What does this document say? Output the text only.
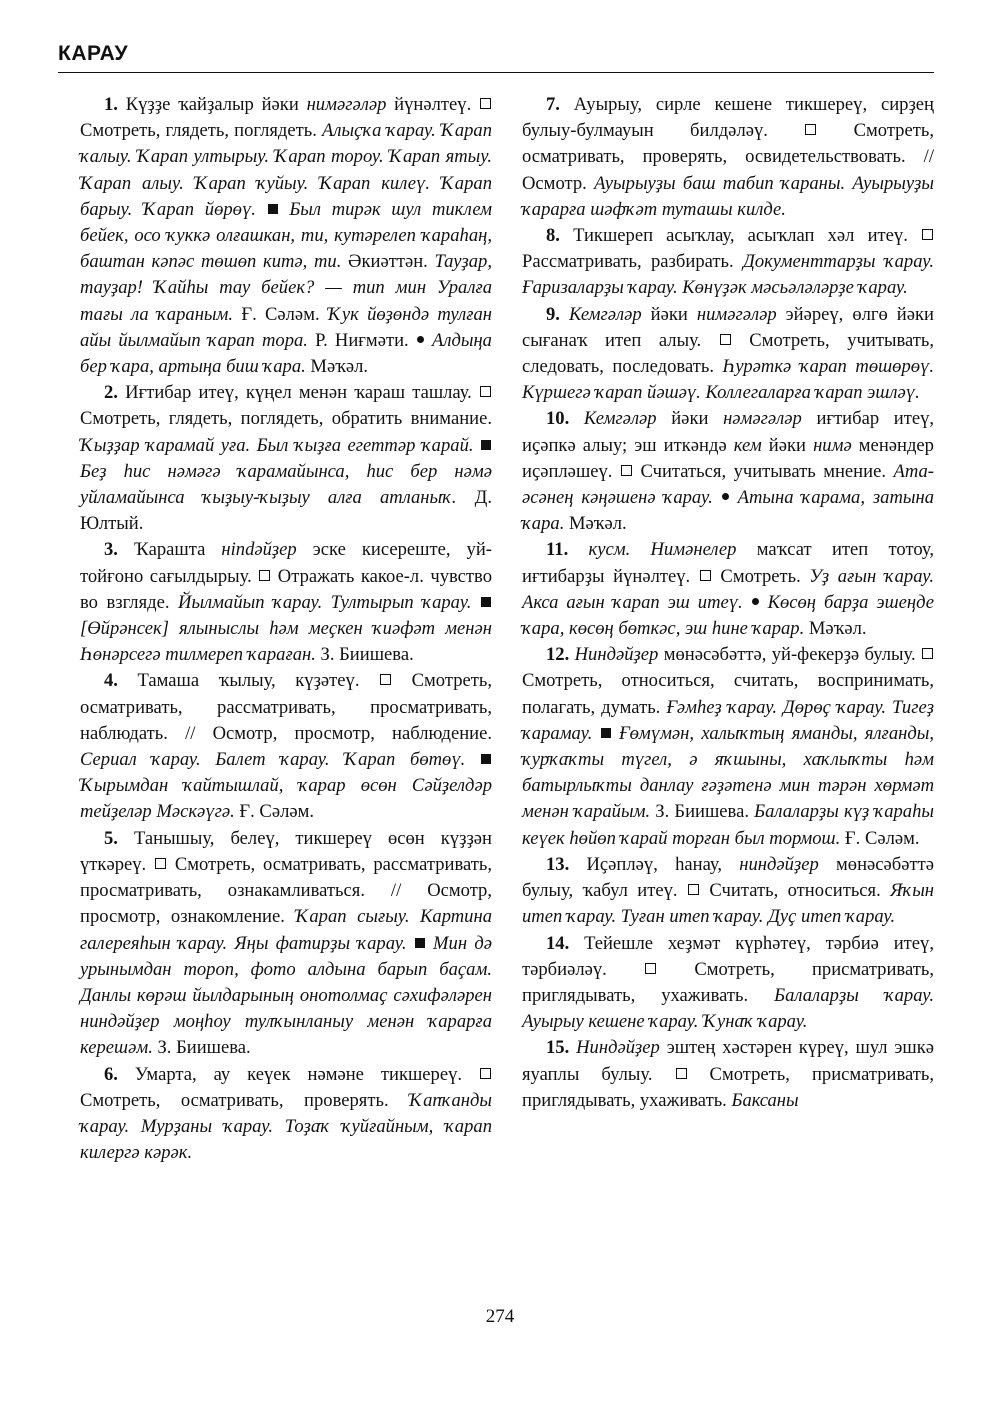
КАРАУ

1. Күҙҙе ҡайҙалыр йәки нимәгәләр йүнәлтеү.  Смотреть, глядеть, поглядеть. Алыҫҡа ҡарау. Ҡарап ҡалыу. Ҡарап ултырыу. Ҡарап тороу. Ҡарап ятыу. Ҡарап алыу. Ҡарап ҡуйыу. Ҡарап килеү. Ҡарап барыу. Ҡарап йөрөү. Был тирәк шул тиклем бейек, осо ҡуккә олғашкан, ти, кутәрелеп ҡараһаң, баштан кәпәс төшөп китә, ти. Әкиәттән. Тауҙар, тауҙар! Ҡайһы тау бейек? — тип мин Уралға тағы ла ҡараным. Ғ. Сәләм. Ҡук йөҙөндә тулған айы йылмайып ҡарап тора. Р. Ниғмәти.  Алдыңа бер ҡара, артыңа биш ҡара. Мәҡәл.

2. Иғтибар итеү, күңел менән ҡараш ташлау.  Смотреть, глядеть, поглядеть, обратить внимание. Ҡыҙҙар ҡарамай уға. Был ҡыҙға егеттәр ҡарай.  Беҙ һис нәмәгә ҡарамайынса, һис бер нәмә уйламайынса ҡыҙыу-ҡыҙыу алға атланыҡ. Д. Юлтый.

3. Ҡарашта нindәйҙер эске кисерештe, уй-тойғоно сағылдырыу.  Отражать какое-л. чувство во взгляде. Йылмайып ҡарау. Тултырып ҡарау.  [Өйрәнсек] ялыныслы һәм меҫкен ҡиәфәт менән Һөнәрсегә тилмереп ҡараған. З. Биишева.

4. Тамаша ҡылыу, күҙәтеү.  Смотреть, осматривать, рассматривать, просматривать, наблюдать. // Осмотр, просмотр, наблюдение. Сериал ҡарау. Балет ҡарау. Ҡарап бөтөү.  Ҡырымдан ҡайтышлай, ҡарар өсөн Сәйҙелдәр тейҙеләр Мәскәүгә. Ғ. Сәләм.

5. Танышыу, белеү, тикшереү өсөн күҙҙән үткәреү.  Смотреть, осматривать, рассматривать, просматривать, ознакамливаться. // Осмотр, просмотр, ознакомление. Ҡарап сығыу. Картина галереяһын ҡарау. Яңы фатирҙы ҡарау. Мин дә урынымдан тороп, фото алдына барып баҫам. Данлы көрәш йылдарының онотолмаҫ сәхифәләрен ниндәйҙер моңһоу тулҡынланыу менән ҡарарға керешәм. З. Биишева.

6. Умарта, ау кеүек нәмәне тикшереү.  Смотреть, осматривать, проверять. Ҡапҡанды ҡарау. Мурҙаны ҡарау. Тоҙаҡ ҡуйғайным, ҡарап килергә кәрәк.

7. Ауырыу, сирле кешене тикшереү, сирҙең булыу-булмауын билдәләү.  Смотреть, осматривать, проверять, освидетельствовать. // Осмотр. Ауырыуҙы баш табип ҡараны. Ауырыуҙы ҡарарға шәфҡәт туташы килде.

8. Тикшереп асыҡлау, асыҡлап хәл итеү.  Рассматривать, разбирать. Документтарҙы ҡарау. Ғаризаларҙы ҡарау. Көнүҙәк мәсьәләләрҙе ҡарау.

9. Кемгәләр йәки нимәгәләр эйәреү, өлгө йәки сығанаҡ итеп алыу.  Смотреть, учитывать, следовать, последовать. Һурәткә ҡарап төшөрөү. Күршегә ҡарап йәшәү. Коллегаларға ҡарап эшләү.

10. Кемгәләр йәки нәмәгәләр иғтибар итеү, иҫәпкә алыу; эш иткәндә кем йәки нимә менәндер иҫәпләшеү.  Считаться, учитывать мнение. Ата-әсәнең кәңәшенә ҡарау. Атына ҡарама, затына ҡара. Мәҡәл.

11. кусм. Нимәнелер маҡсат итеп тотоу, иғтибарҙы йүнәлтеү.  Смотреть. Уҙ ағын ҡарау. Акса ағын ҡарап эш итеү. Көсөң барҙа эшеңде ҡара, көсөң бөткәс, эш һине ҡарар. Мәҡәл.

12. Ниндәйҙер мөнәсәбәттә, уй-фекерҙә булыу.  Смотреть, относиться, считать, воспринимать, полагать, думать. Ғәмһеҙ ҡарау. Дөрөҫ ҡарау. Тигеҙ ҡарамау. Ғөмүмән, халыҡтың яманды, ялғанды, ҡурҡаҡты түгел, ә яҡшыны, хаҡлыҡты һәм батырлыҡты данлау ғәҙәтенә мин тәрән хөрмәт менән ҡарайым. З. Биишева. Балаларҙы күҙ ҡараһы кеүек һөйөп ҡарай торған был тормош. Ғ. Сәләм.

13. Иҫәпләү, һанау, ниндәйҙер мөнәсәбәттә булыу, ҡабул итеү.  Считать, относиться. Яҡын итеп ҡарау. Туған итеп ҡарау. Дуҫ итеп ҡарау.

14. Тейешле хеҙмәт күрһәтеү, тәрбиә итеү, тәрбиәләү.  Смотреть, присматривать, приглядывать, ухаживать. Балаларҙы ҡарау. Ауырыу кешене ҡарау. Ҡунаҡ ҡарау.

15. Ниндәйҙер эштең хәстәрен күреү, шул эшкә яуаплы булыу.  Смотреть, присматривать, приглядывать, ухаживать. Баксаны

274
